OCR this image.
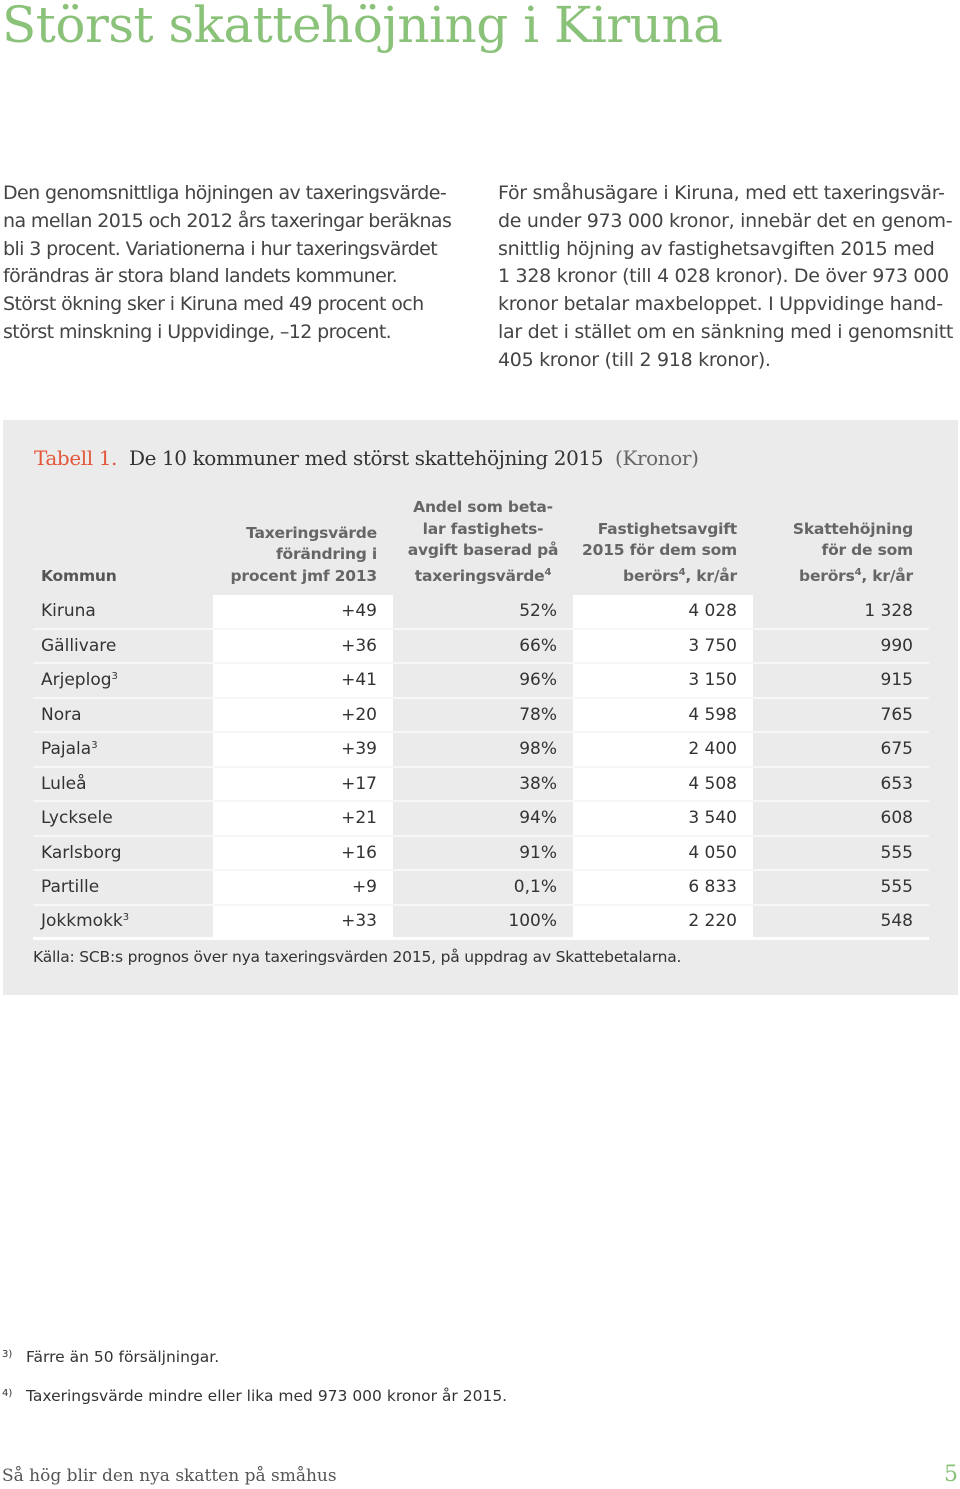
Störst skattehöjning i Kiruna

Den genomsnittliga höjningen av taxeringsvärde-

na mellan 2015 och 2012 års taxeringar beräknas

bli 3 procent. Variationerna i hur taxeringsvärdet

förändras är stora bland landets kommuner.

Störst ökning sker i Kiruna med 49 procent och

störst minskning i Uppvidinge, –12 procent.

För småhusägare i Kiruna, med ett taxeringsvär-

de under 973 000 kronor, innebär det en genom-

snittlig höjning av fastighetsavgiften 2015 med

1 328 kronor (till 4 028 kronor). De över 973 000

kronor betalar maxbeloppet. I Uppvidinge hand-

lar det i stället om en sänkning med i genomsnitt

405 kronor (till 2 918 kronor).

Tabell 1. De 10 kommuner med störst skattehöjning 2015 (Kronor)
Kommun	Taxeringsvärde
förändring i
procent jmf 2013	Andel som beta-
lar fastighets-
avgift baserad på
taxeringsvärde$^4$	Fastighetsavgift
2015 för dem som
berörs$^4$, kr/år	Skattehöjning
för de som
berörs$^4$, kr/år
Kiruna	+49	52%	4 028	1 328
Gällivare	+36	66%	3 750	990
Arjeplog$^3$	+41	96%	3 150	915
Nora	+20	78%	4 598	765
Pajala$^3$	+39	98%	2 400	675
Luleå	+17	38%	4 508	653
Lycksele	+21	94%	3 540	608
Karlsborg	+16	91%	4 050	555
Partille	+9	0,1%	6 833	555
Jokkmokk$^3$	+33	100%	2 220	548

Källa: SCB:s prognos över nya taxeringsvärden 2015, på uppdrag av Skattebetalarna.

3) Färre än 50 försäljningar.

4) Taxeringsvärde mindre eller lika med 973 000 kronor år 2015.

Så hög blir den nya skatten på småhus	5
